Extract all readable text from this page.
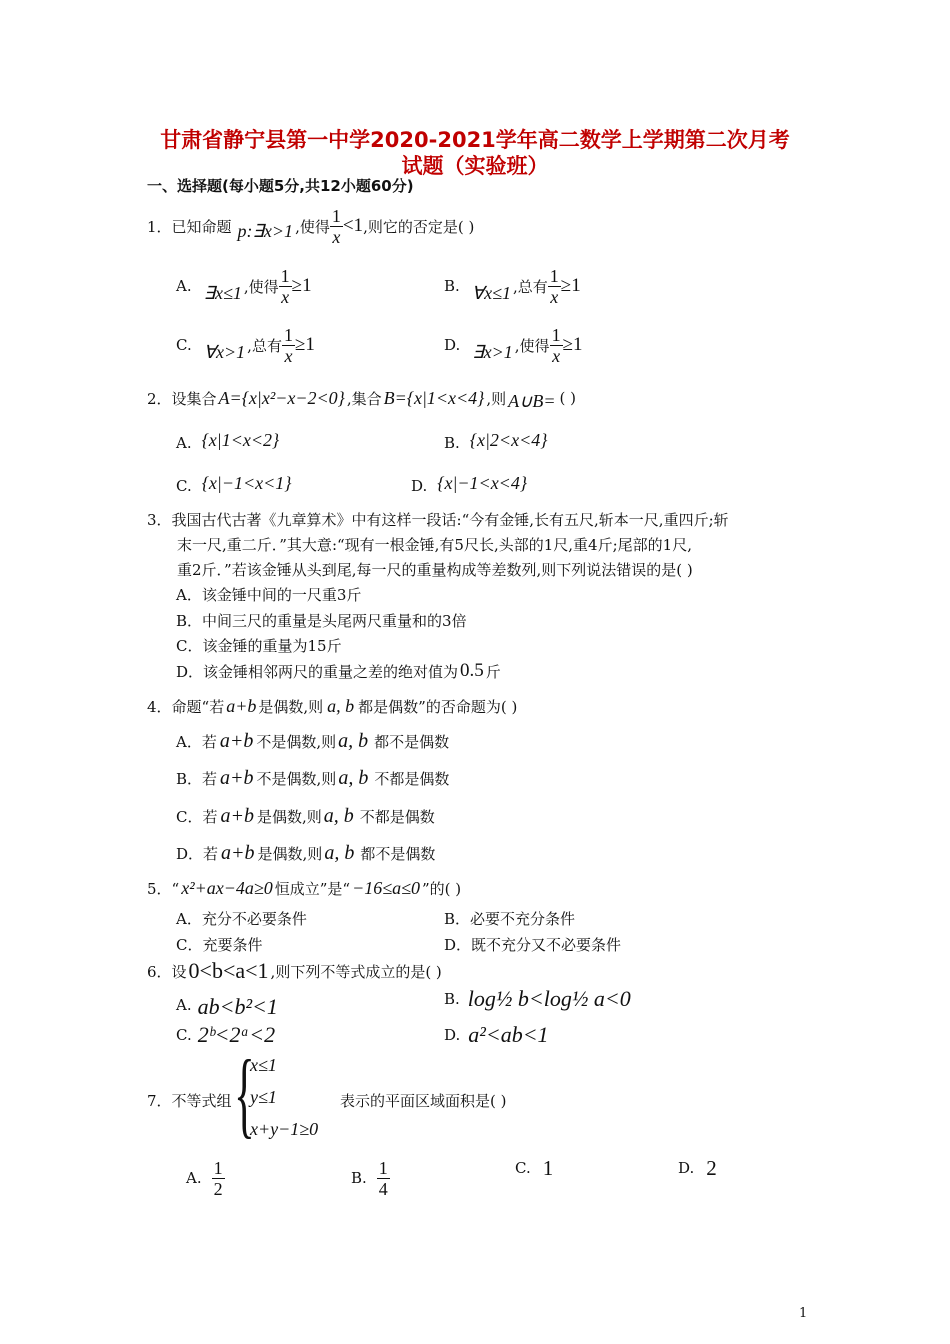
甘肃省静宁县第一中学2020-2021学年高二数学上学期第二次月考
试题（实验班）
一、选择题(每小题5分,共12小题60分)
1．已知命题 p:∃x>1 ,使得 $\frac{1}{x} <1$ ,则它的否定是( )
A. ∃x≤1 ,使得 $\frac{1}{x} \ge 1$	B. ∀x≤1 ,总有 $\frac{1}{x} \ge 1$
C. ∀x>1 ,总有 $\frac{1}{x} \ge 1$	D. ∃x>1 ,使得 $\frac{1}{x} \ge 1$
2．设集合 A={x|x²−x−2<0} ,集合 B={x|1<x<4} ,则 A∪B= ( )
A. {x|1<x<2}	B. {x|2<x<4}
C. {x|−1<x<1}	D. {x|−1<x<4}
3．我国古代古著《九章算术》中有这样一段话:“今有金锤,长有五尺,斩本一尺,重四斤;斩
末一尺,重二斤．”其大意:“现有一根金锤,有5尺长,头部的1尺,重4斤;尾部的1尺,
重2斤．”若该金锤从头到尾,每一尺的重量构成等差数列,则下列说法错误的是( )
A．该金锤中间的一尺重3斤
B．中间三尺的重量是头尾两尺重量和的3倍
C．该金锤的重量为15斤
D．该金锤相邻两尺的重量之差的绝对值为 0.5 斤
4．命题“若 a+b 是偶数,则 a, b 都是偶数”的否命题为( )
A．若 a+b 不是偶数,则 a, b 都不是偶数
B．若 a+b 不是偶数,则 a, b 不都是偶数
C．若 a+b 是偶数,则 a, b 不都是偶数
D．若 a+b 是偶数,则 a, b 都不是偶数
5．“ x²+ax−4a≥0 恒成立”是“ −16≤a≤0 ”的( )
A．充分不必要条件	B．必要不充分条件
C．充要条件	D．既不充分又不必要条件
6．设 0<b<a<1 ,则下列不等式成立的是( )
A. ab<b²<1	B. log½ b<log½ a<0
C. 2ᵇ<2ᵃ<2	D. a²<ab<1
7．不等式组 {
x≤1
y≤1
x+y−1≥0
表示的平面区域面积是( )
A. $\frac{1}{2}$	B. $\frac{1}{4}$	C. 1	D. 2
1
